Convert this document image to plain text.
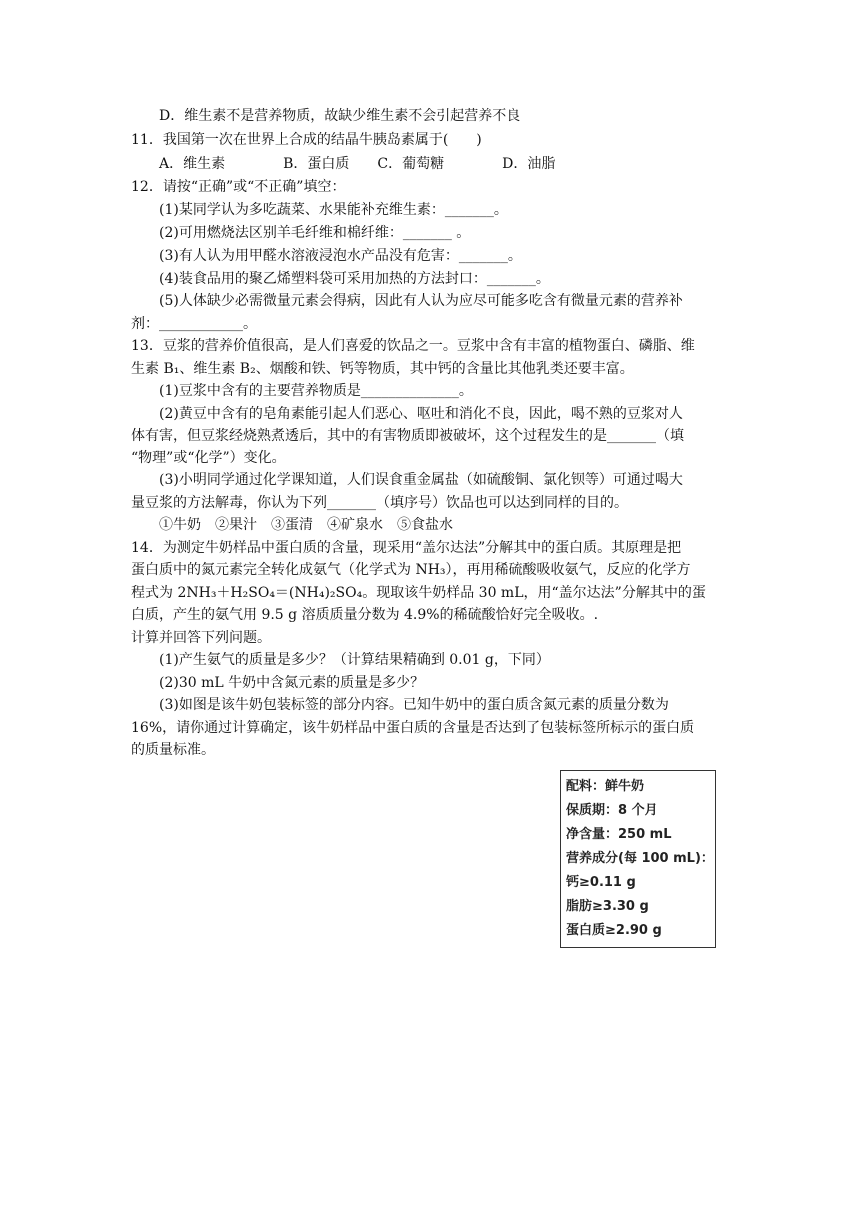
D．维生素不是营养物质，故缺少维生素不会引起营养不良
11．我国第一次在世界上合成的结晶牛胰岛素属于(　　)
A．维生素	B．蛋白质　　 C．葡萄糖	D．油脂
12．请按“正确”或“不正确”填空：
(1)某同学认为多吃蔬菜、水果能补充维生素：_______。
(2)可用燃烧法区别羊毛纤维和棉纤维：_______ 。
(3)有人认为用甲醛水溶液浸泡水产品没有危害：_______。
(4)装食品用的聚乙烯塑料袋可采用加热的方法封口：_______。
(5)人体缺少必需微量元素会得病，因此有人认为应尽可能多吃含有微量元素的营养补
剂：____________。
13．豆浆的营养价值很高，是人们喜爱的饮品之一。豆浆中含有丰富的植物蛋白、磷脂、维
生素 B₁、维生素 B₂、烟酸和铁、钙等物质，其中钙的含量比其他乳类还要丰富。
(1)豆浆中含有的主要营养物质是______________。
(2)黄豆中含有的皂角素能引起人们恶心、呕吐和消化不良，因此，喝不熟的豆浆对人
体有害，但豆浆经烧熟煮透后，其中的有害物质即被破坏，这个过程发生的是_______（填
“物理”或“化学”）变化。
(3)小明同学通过化学课知道，人们误食重金属盐（如硫酸铜、氯化钡等）可通过喝大
量豆浆的方法解毒，你认为下列_______（填序号）饮品也可以达到同样的目的。
①牛奶　②果汁　③蛋清　④矿泉水　⑤食盐水
14．为测定牛奶样品中蛋白质的含量，现采用“盖尔达法”分解其中的蛋白质。其原理是把
蛋白质中的氮元素完全转化成氨气（化学式为 NH₃），再用稀硫酸吸收氨气，反应的化学方
程式为 2NH₃＋H₂SO₄＝(NH₄)₂SO₄。现取该牛奶样品 30 mL，用“盖尔达法”分解其中的蛋
白质，产生的氨气用 9.5 g 溶质质量分数为 4.9%的稀硫酸恰好完全吸收。.
计算并回答下列问题。
(1)产生氨气的质量是多少？（计算结果精确到 0.01 g，下同）
(2)30 mL 牛奶中含氮元素的质量是多少？
(3)如图是该牛奶包装标签的部分内容。已知牛奶中的蛋白质含氮元素的质量分数为
16%，请你通过计算确定，该牛奶样品中蛋白质的含量是否达到了包装标签所标示的蛋白质
的质量标准。
配料：鲜牛奶
保质期：8 个月
净含量：250 mL
营养成分(每 100 mL)：
钙≥0.11 g
脂肪≥3.30 g
蛋白质≥2.90 g
